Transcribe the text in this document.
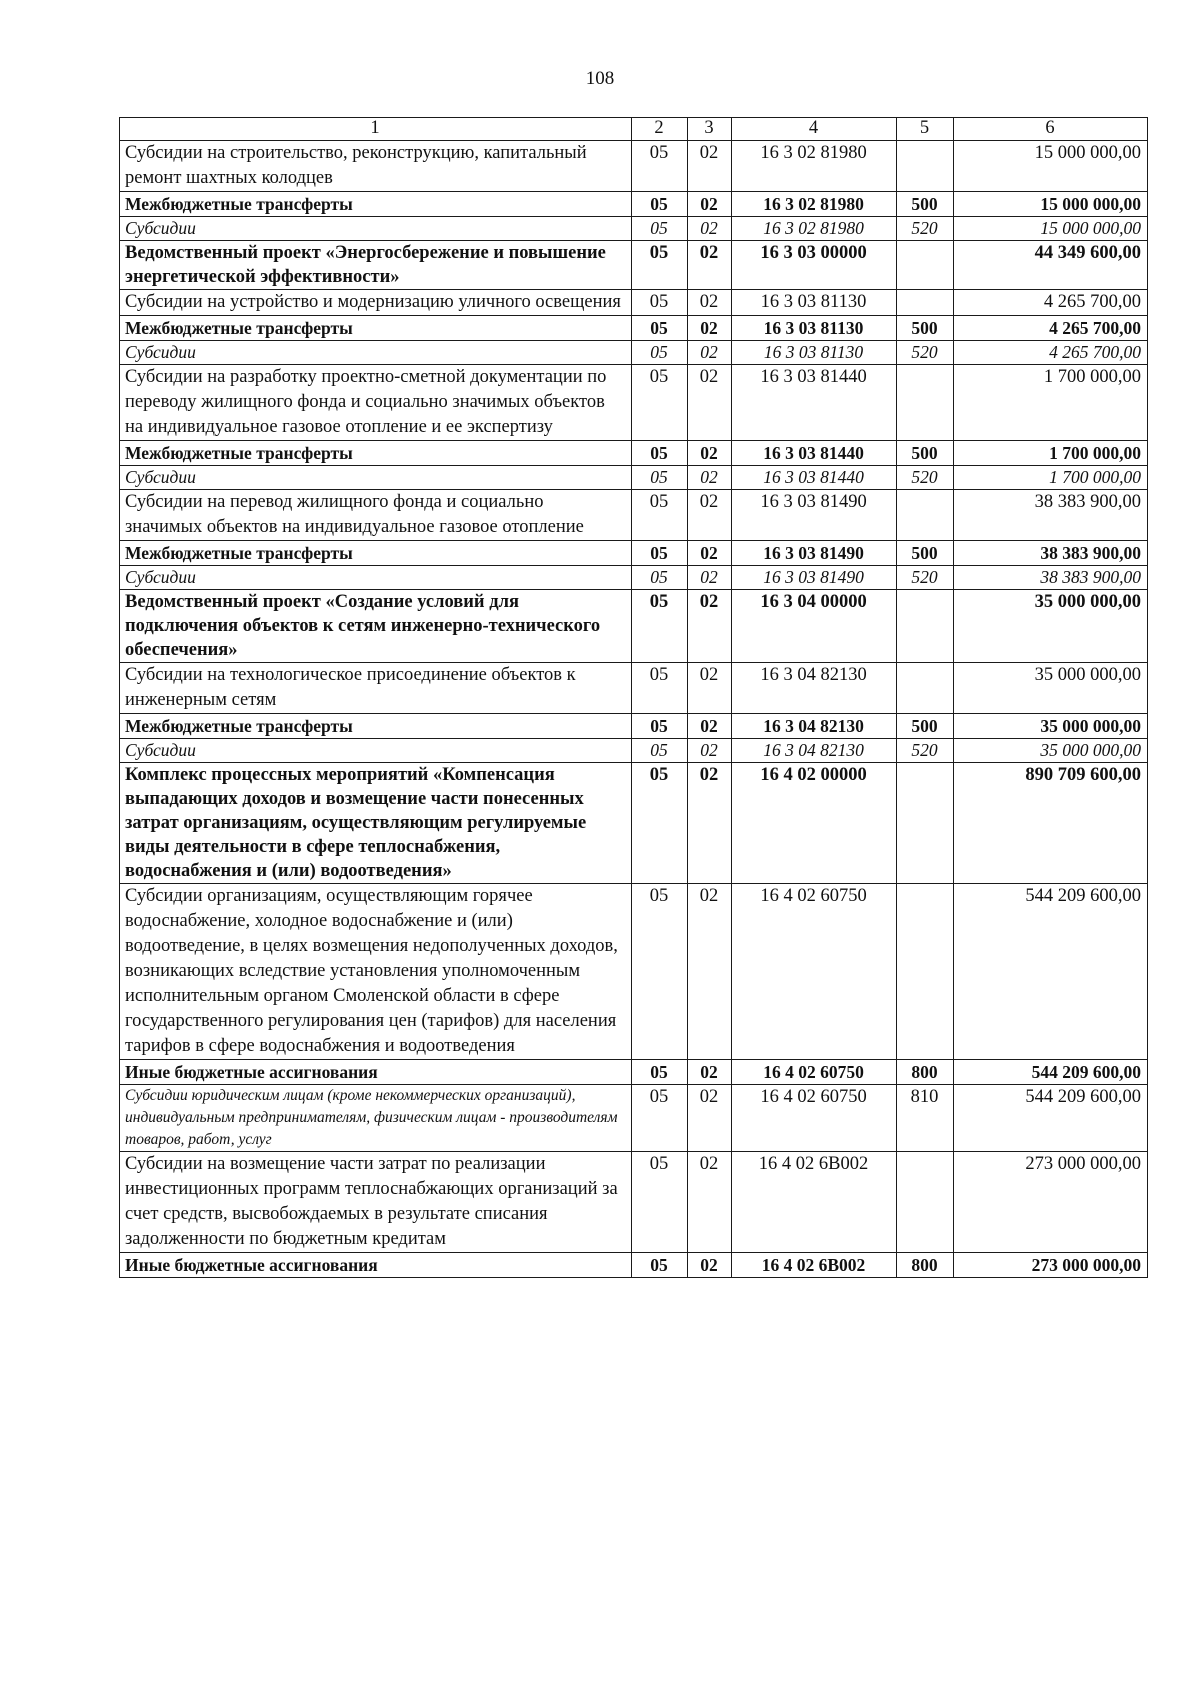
108
1	2	3	4	5	6
Субсидии на строительство, реконструкцию, капитальный ремонт шахтных колодцев	05	02	16 3 02 81980		15 000 000,00
Межбюджетные трансферты	05	02	16 3 02 81980	500	15 000 000,00
Субсидии	05	02	16 3 02 81980	520	15 000 000,00
Ведомственный проект «Энергосбережение и повышение энергетической эффективности»	05	02	16 3 03 00000		44 349 600,00
Субсидии на устройство и модернизацию уличного освещения	05	02	16 3 03 81130		4 265 700,00
Межбюджетные трансферты	05	02	16 3 03 81130	500	4 265 700,00
Субсидии	05	02	16 3 03 81130	520	4 265 700,00
Субсидии на разработку проектно-сметной документации по переводу жилищного фонда и социально значимых объектов на индивидуальное газовое отопление и ее экспертизу	05	02	16 3 03 81440		1 700 000,00
Межбюджетные трансферты	05	02	16 3 03 81440	500	1 700 000,00
Субсидии	05	02	16 3 03 81440	520	1 700 000,00
Субсидии на перевод жилищного фонда и социально значимых объектов на индивидуальное газовое отопление	05	02	16 3 03 81490		38 383 900,00
Межбюджетные трансферты	05	02	16 3 03 81490	500	38 383 900,00
Субсидии	05	02	16 3 03 81490	520	38 383 900,00
Ведомственный проект «Создание условий для подключения объектов к сетям инженерно-технического обеспечения»	05	02	16 3 04 00000		35 000 000,00
Субсидии на технологическое присоединение объектов к инженерным сетям	05	02	16 3 04 82130		35 000 000,00
Межбюджетные трансферты	05	02	16 3 04 82130	500	35 000 000,00
Субсидии	05	02	16 3 04 82130	520	35 000 000,00
Комплекс процессных мероприятий «Компенсация выпадающих доходов и возмещение части понесенных затрат организациям, осуществляющим регулируемые виды деятельности в сфере теплоснабжения, водоснабжения и (или) водоотведения»	05	02	16 4 02 00000		890 709 600,00
Субсидии организациям, осуществляющим горячее водоснабжение, холодное водоснабжение и (или) водоотведение, в целях возмещения недополученных доходов, возникающих вследствие установления уполномоченным исполнительным органом Смоленской области в сфере государственного регулирования цен (тарифов) для населения тарифов в сфере водоснабжения и водоотведения	05	02	16 4 02 60750		544 209 600,00
Иные бюджетные ассигнования	05	02	16 4 02 60750	800	544 209 600,00
Субсидии юридическим лицам (кроме некоммерческих организаций), индивидуальным предпринимателям, физическим лицам - производителям товаров, работ, услуг	05	02	16 4 02 60750	810	544 209 600,00
Субсидии на возмещение части затрат по реализации инвестиционных программ теплоснабжающих организаций за счет средств, высвобождаемых в результате списания задолженности по бюджетным кредитам	05	02	16 4 02 6В002		273 000 000,00
Иные бюджетные ассигнования	05	02	16 4 02 6В002	800	273 000 000,00
